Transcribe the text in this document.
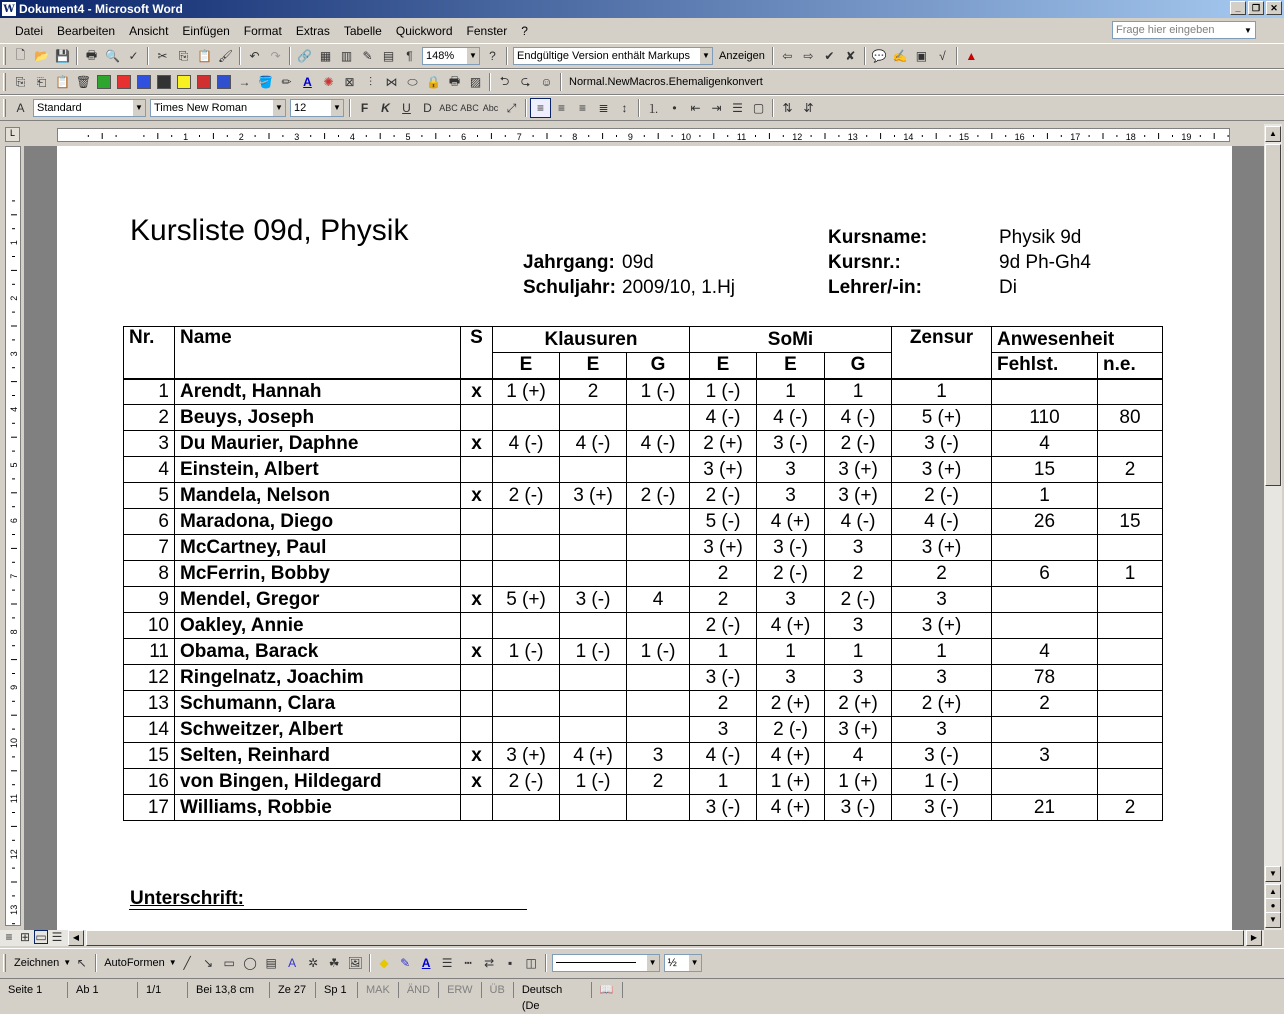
W Dokument4 - Microsoft Word	_	❐	✕
Datei	Bearbeiten	Ansicht	Einfügen	Format	Extras	Tabelle	Quickword	Fenster	?	Frage hier eingeben	▼
🗋 📂 💾	🖶 🔍 ✓	✂ ⎘ 📋 🖌	↶ ↷	🔗 ▦ ▥ ✎ ▤	¶	148% ▼	?	Endgültige Version enthält Markups ▼ Anzeigen	⇦ ⇨ ✔ ✘	💬 ✍ ▣	√	▲
⎘ ⎗ 📋 🗑	→ 🪣 ✏ A ✺ ⊠	⫶	⋈ ⬭ 🔒 🖶 ▨	⮌ ⮎ ☺	Normal.NewMacros.Ehemaligenkonvert
A	Standard	▼	Times New Roman	▼	12	▼	F	K	U	D ABC ABC Abc ⤢	≡	≡	≡	≣	↕	⒈	•	⇤ ⇥ ☰ ▢	⇅ ⇵
L	1	2	3	4	5	6	7	8	9	10	11	12	13	14	15	16	17	18	19
1
2
3
4
5
6
7
8
9
10
11
12
13
Kursliste 09d, Physik
Jahrgang: 09d
Schuljahr: 2009/10, 1.Hj
Kursname:	Physik 9d
Kursnr.:	9d Ph-Gh4
Lehrer/-in:	Di
Nr.	Name	S	Klausuren			SoMi			Zensur	Anwesenheit	
			E	E	G	E	E	G		Fehlst.	n.e.
1	Arendt, Hannah	x	1 (+)	2	1 (-)	1 (-)	1	1	1		
2	Beuys, Joseph					4 (-)	4 (-)	4 (-)	5 (+)	110	80
3	Du Maurier, Daphne	x	4 (-)	4 (-)	4 (-)	2 (+)	3 (-)	2 (-)	3 (-)	4	
4	Einstein, Albert					3 (+)	3	3 (+)	3 (+)	15	2
5	Mandela, Nelson	x	2 (-)	3 (+)	2 (-)	2 (-)	3	3 (+)	2 (-)	1	
6	Maradona, Diego					5 (-)	4 (+)	4 (-)	4 (-)	26	15
7	McCartney, Paul					3 (+)	3 (-)	3	3 (+)		
8	McFerrin, Bobby					2	2 (-)	2	2	6	1
9	Mendel, Gregor	x	5 (+)	3 (-)	4	2	3	2 (-)	3		
10	Oakley, Annie					2 (-)	4 (+)	3	3 (+)		
11	Obama, Barack	x	1 (-)	1 (-)	1 (-)	1	1	1	1	4	
12	Ringelnatz, Joachim					3 (-)	3	3	3	78	
13	Schumann, Clara					2	2 (+)	2 (+)	2 (+)	2	
14	Schweitzer, Albert					3	2 (-)	3 (+)	3		
15	Selten, Reinhard	x	3 (+)	4 (+)	3	4 (-)	4 (+)	4	3 (-)	3	
16	von Bingen, Hildegard	x	2 (-)	1 (-)	2	1	1 (+)	1 (+)	1 (-)		
17	Williams, Robbie					3 (-)	4 (+)	3 (-)	3 (-)	21	2
Unterschrift:
▲
▼
▲
●
▼
≡ ⊞ ▭ ☰	◀	▶
Zeichnen ▼ ↖	AutoFormen ▼ ╱	↘ ▭ ◯ ▤ A ✲ ☘ 🖼	◆ ✎ A ☰	┅	⇄	▪	◫	▼	½ ▼
Seite 1	Ab 1	1/1	Bei 13,8 cm	Ze 27	Sp 1	MAK	ÄND	ERW	ÜB	Deutsch (De
📖
